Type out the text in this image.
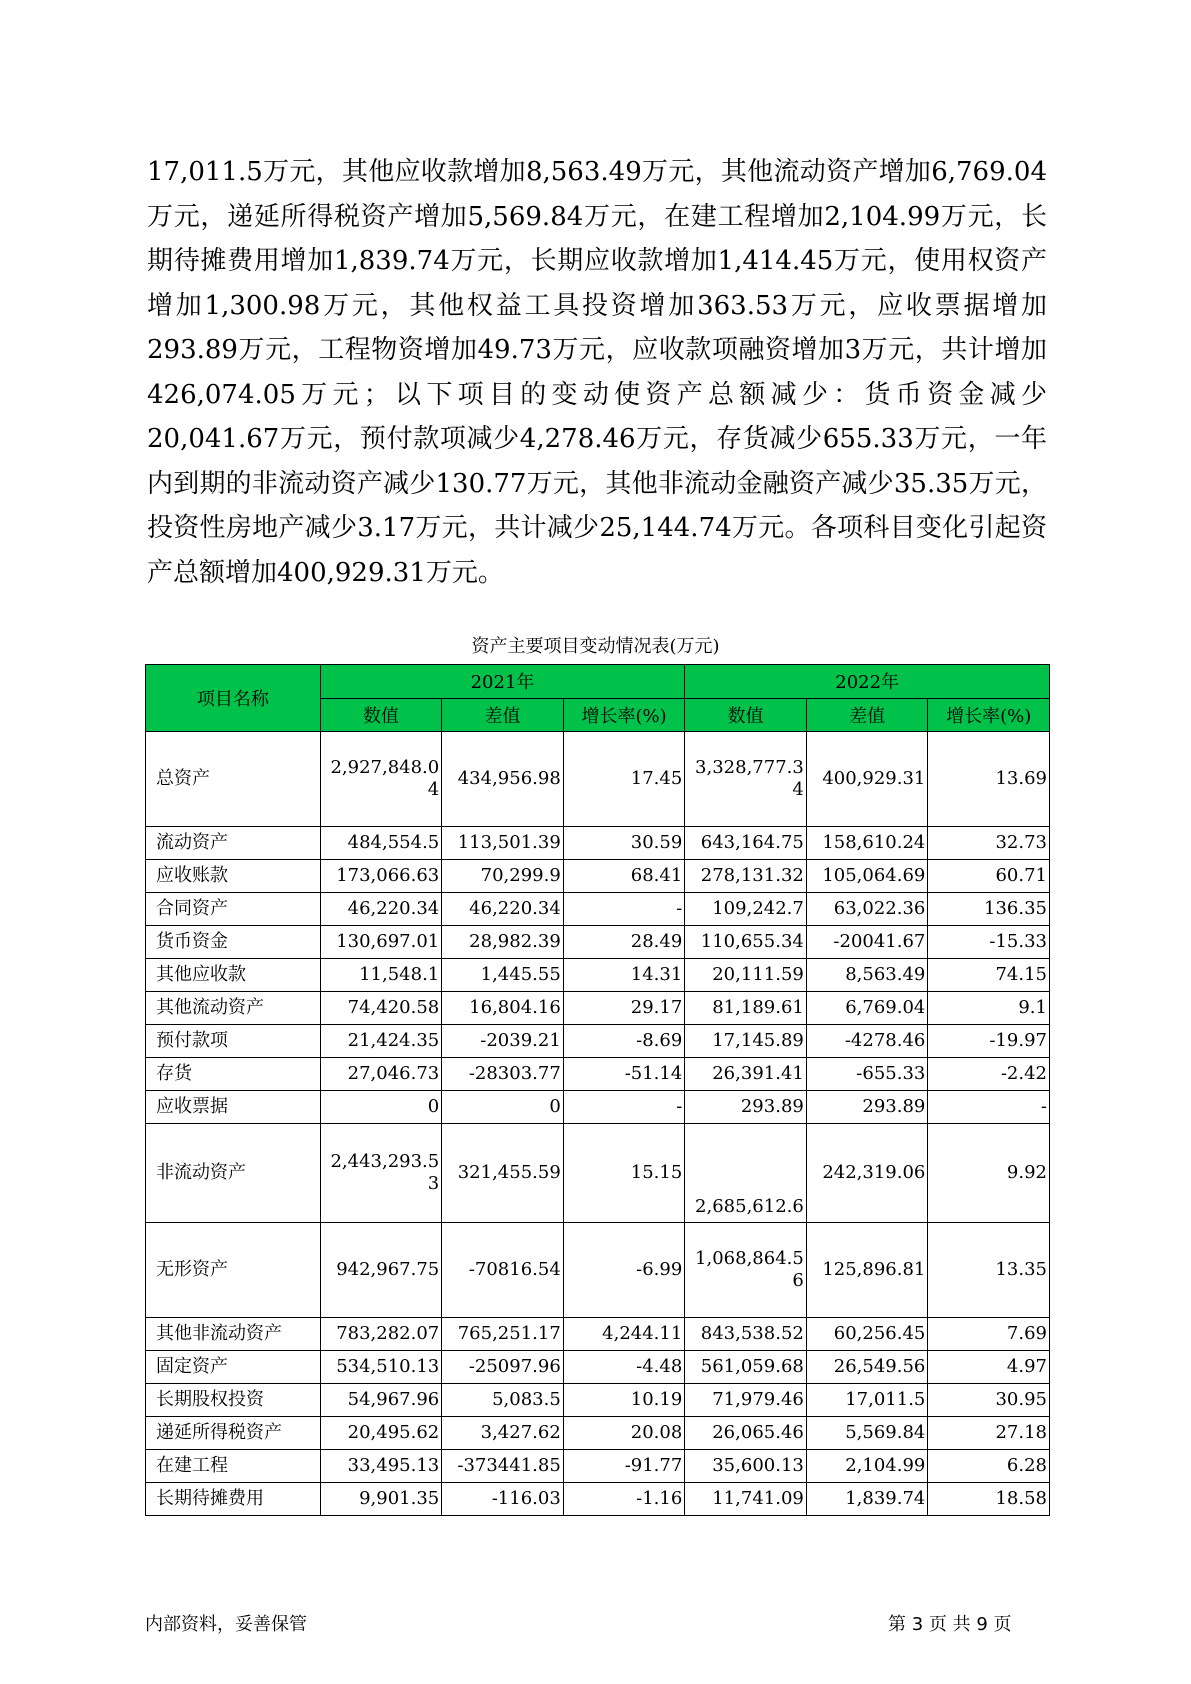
17,011.5万元，其他应收款增加8,563.49万元，其他流动资产增加6,769.04万元，递延所得税资产增加5,569.84万元，在建工程增加2,104.99万元，长期待摊费用增加1,839.74万元，长期应收款增加1,414.45万元，使用权资产增加1,300.98万元，其他权益工具投资增加363.53万元，应收票据增加293.89万元，工程物资增加49.73万元，应收款项融资增加3万元，共计增加426,074.05万元；以下项目的变动使资产总额减少：货币资金减少20,041.67万元，预付款项减少4,278.46万元，存货减少655.33万元，一年内到期的非流动资产减少130.77万元，其他非流动金融资产减少35.35万元，投资性房地产减少3.17万元，共计减少25,144.74万元。各项科目变化引起资产总额增加400,929.31万元。

资产主要项目变动情况表(万元)
项目名称	2021年			2022年		
	数值	差值	增长率(%)	数值	差值	增长率(%)
总资产	2,927,848.04	434,956.98	17.45	3,328,777.34	400,929.31	13.69
流动资产	484,554.5	113,501.39	30.59	643,164.75	158,610.24	32.73
应收账款	173,066.63	70,299.9	68.41	278,131.32	105,064.69	60.71
合同资产	46,220.34	46,220.34	-	109,242.7	63,022.36	136.35
货币资金	130,697.01	28,982.39	28.49	110,655.34	-20041.67	-15.33
其他应收款	11,548.1	1,445.55	14.31	20,111.59	8,563.49	74.15
其他流动资产	74,420.58	16,804.16	29.17	81,189.61	6,769.04	9.1
预付款项	21,424.35	-2039.21	-8.69	17,145.89	-4278.46	-19.97
存货	27,046.73	-28303.77	-51.14	26,391.41	-655.33	-2.42
应收票据	0	0	-	293.89	293.89	-
非流动资产	2,443,293.53	321,455.59	15.15	2,685,612.6	242,319.06	9.92
无形资产	942,967.75	-70816.54	-6.99	1,068,864.56	125,896.81	13.35
其他非流动资产	783,282.07	765,251.17	4,244.11	843,538.52	60,256.45	7.69
固定资产	534,510.13	-25097.96	-4.48	561,059.68	26,549.56	4.97
长期股权投资	54,967.96	5,083.5	10.19	71,979.46	17,011.5	30.95
递延所得税资产	20,495.62	3,427.62	20.08	26,065.46	5,569.84	27.18
在建工程	33,495.13	-373441.85	-91.77	35,600.13	2,104.99	6.28
长期待摊费用	9,901.35	-116.03	-1.16	11,741.09	1,839.74	18.58
内部资料，妥善保管	第 3 页 共 9 页
